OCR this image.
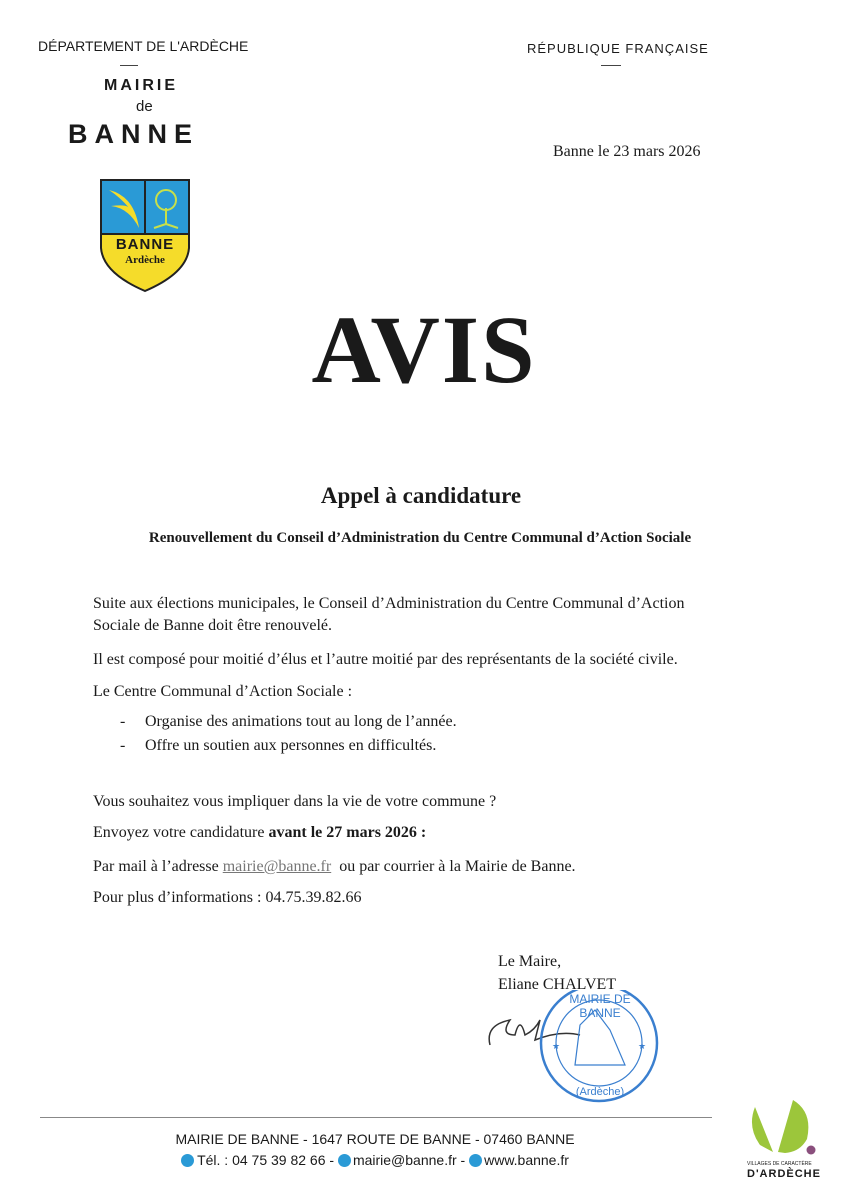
DÉPARTEMENT DE L'ARDÈCHE
MAIRIE
de
BANNE
RÉPUBLIQUE FRANÇAISE
Banne le 23 mars 2026
BANNE
Ardèche
AVIS
Appel à candidature
Renouvellement du Conseil d’Administration du Centre Communal d’Action Sociale
Suite aux élections municipales, le Conseil d’Administration du Centre Communal d’Action
Sociale de Banne doit être renouvelé.
Il est composé pour moitié d’élus et l’autre moitié par des représentants de la société civile.
Le Centre Communal d’Action Sociale :
- Organise des animations tout au long de l’année.
- Offre un soutien aux personnes en difficultés.
Vous souhaitez vous impliquer dans la vie de votre commune ?
Envoyez votre candidature avant le 27 mars 2026 :
Par mail à l’adresse mairie@banne.fr  ou par courrier à la Mairie de Banne.
Pour plus d’informations : 04.75.39.82.66
Le Maire,
Eliane CHALVET
★	★
MAIRIE DE BANNE
(Ardèche)
MAIRIE DE BANNE - 1647 ROUTE DE BANNE - 07460 BANNE
Tél. : 04 75 39 82 66 - mairie@banne.fr - www.banne.fr	VILLAGES DE CARACTÈRE
D'ARDÈCHE
